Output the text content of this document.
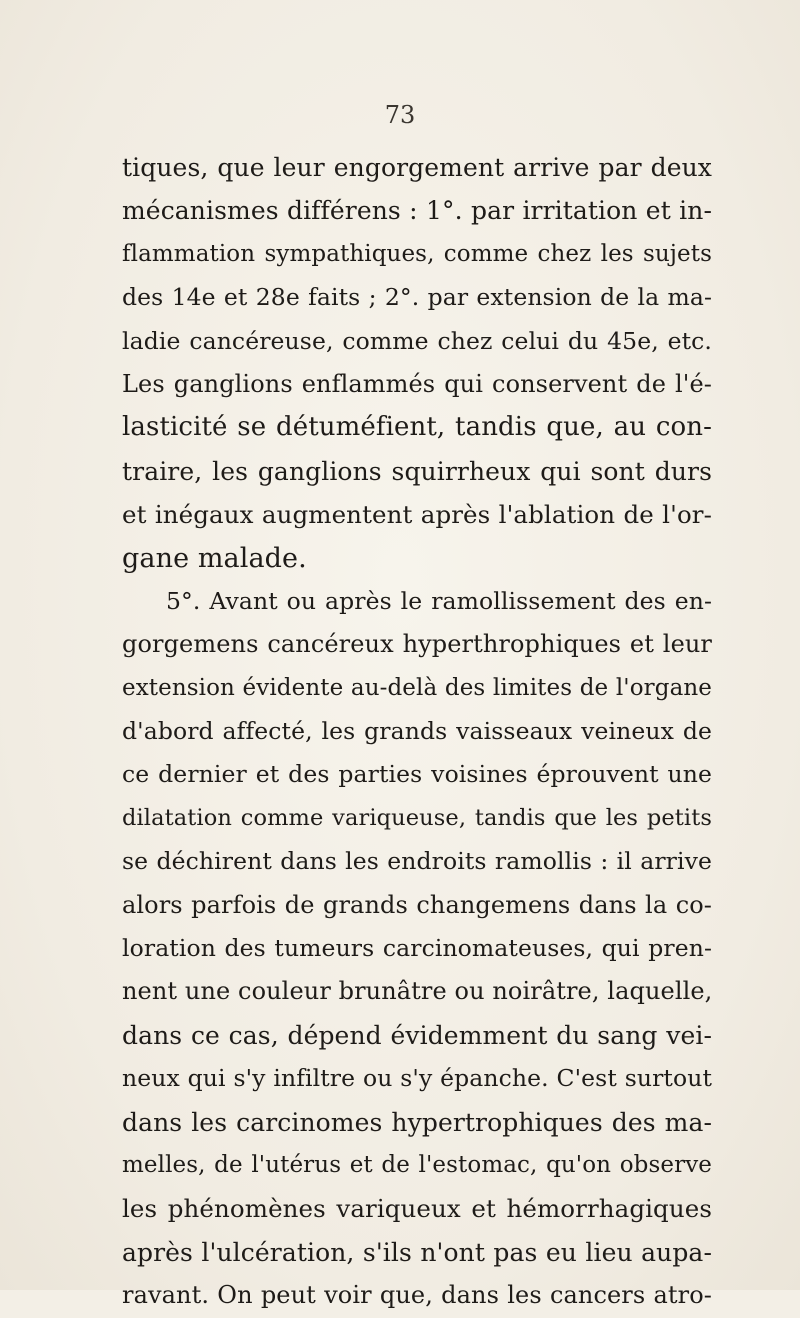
73
tiques, que leur engorgement arrive par deux
mécanismes différens : 1°. par irritation et in-
flammation sympathiques, comme chez les sujets
des 14e et 28e faits ; 2°. par extension de la ma-
ladie cancéreuse, comme chez celui du 45e, etc.
Les ganglions enflammés qui conservent de l'é-
lasticité se détuméfient, tandis que, au con-
traire, les ganglions squirrheux qui sont durs
et inégaux augmentent après l'ablation de l'or-
gane malade.
5°. Avant ou après le ramollissement des en-
gorgemens cancéreux hyperthrophiques et leur
extension évidente au-delà des limites de l'organe
d'abord affecté, les grands vaisseaux veineux de
ce dernier et des parties voisines éprouvent une
dilatation comme variqueuse, tandis que les petits
se déchirent dans les endroits ramollis : il arrive
alors parfois de grands changemens dans la co-
loration des tumeurs carcinomateuses, qui pren-
nent une couleur brunâtre ou noirâtre, laquelle,
dans ce cas, dépend évidemment du sang vei-
neux qui s'y infiltre ou s'y épanche. C'est surtout
dans les carcinomes hypertrophiques des ma-
melles, de l'utérus et de l'estomac, qu'on observe
les phénomènes variqueux et hémorrhagiques
après l'ulcération, s'ils n'ont pas eu lieu aupa-
ravant. On peut voir que, dans les cancers atro-
